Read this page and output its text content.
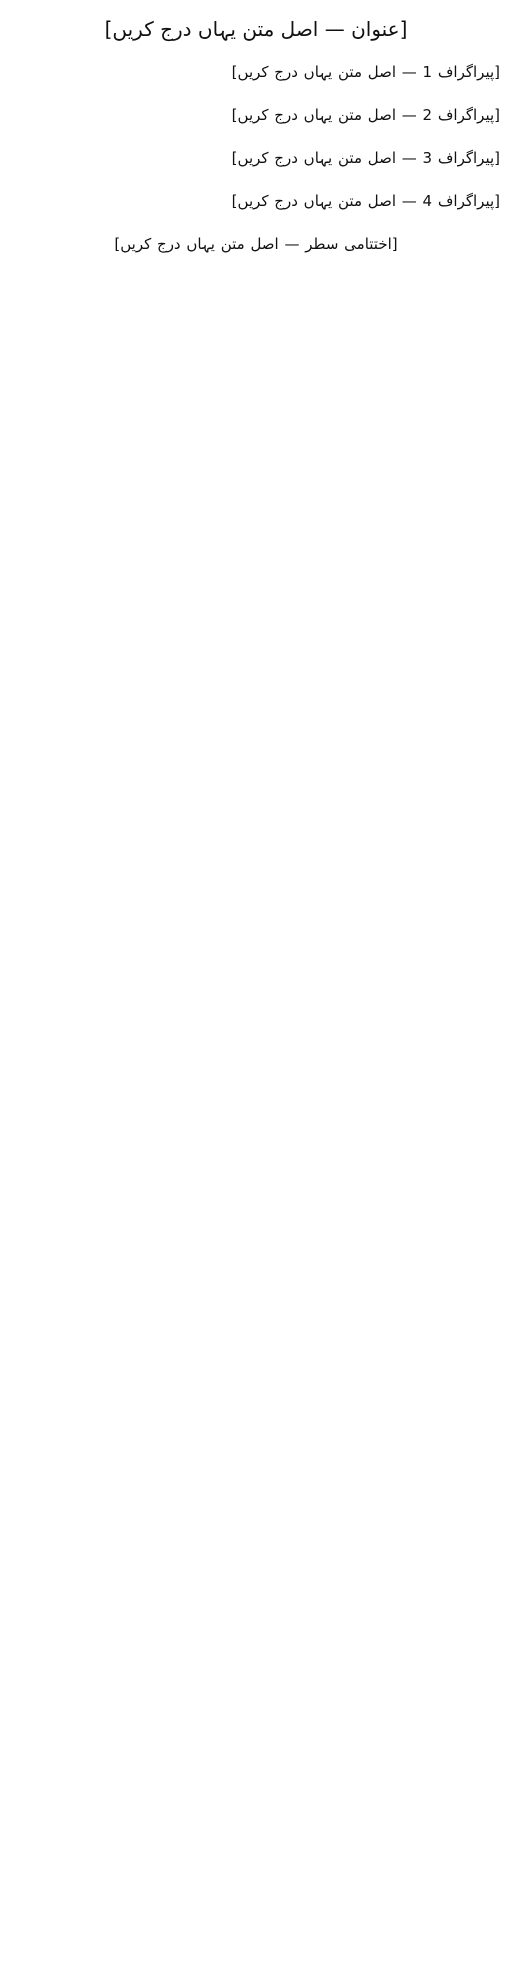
[عنوان — اصل متن یہاں درج کریں]

[پیراگراف 1 — اصل متن یہاں درج کریں]

[پیراگراف 2 — اصل متن یہاں درج کریں]

[پیراگراف 3 — اصل متن یہاں درج کریں]

[پیراگراف 4 — اصل متن یہاں درج کریں]

[اختتامی سطر — اصل متن یہاں درج کریں]
